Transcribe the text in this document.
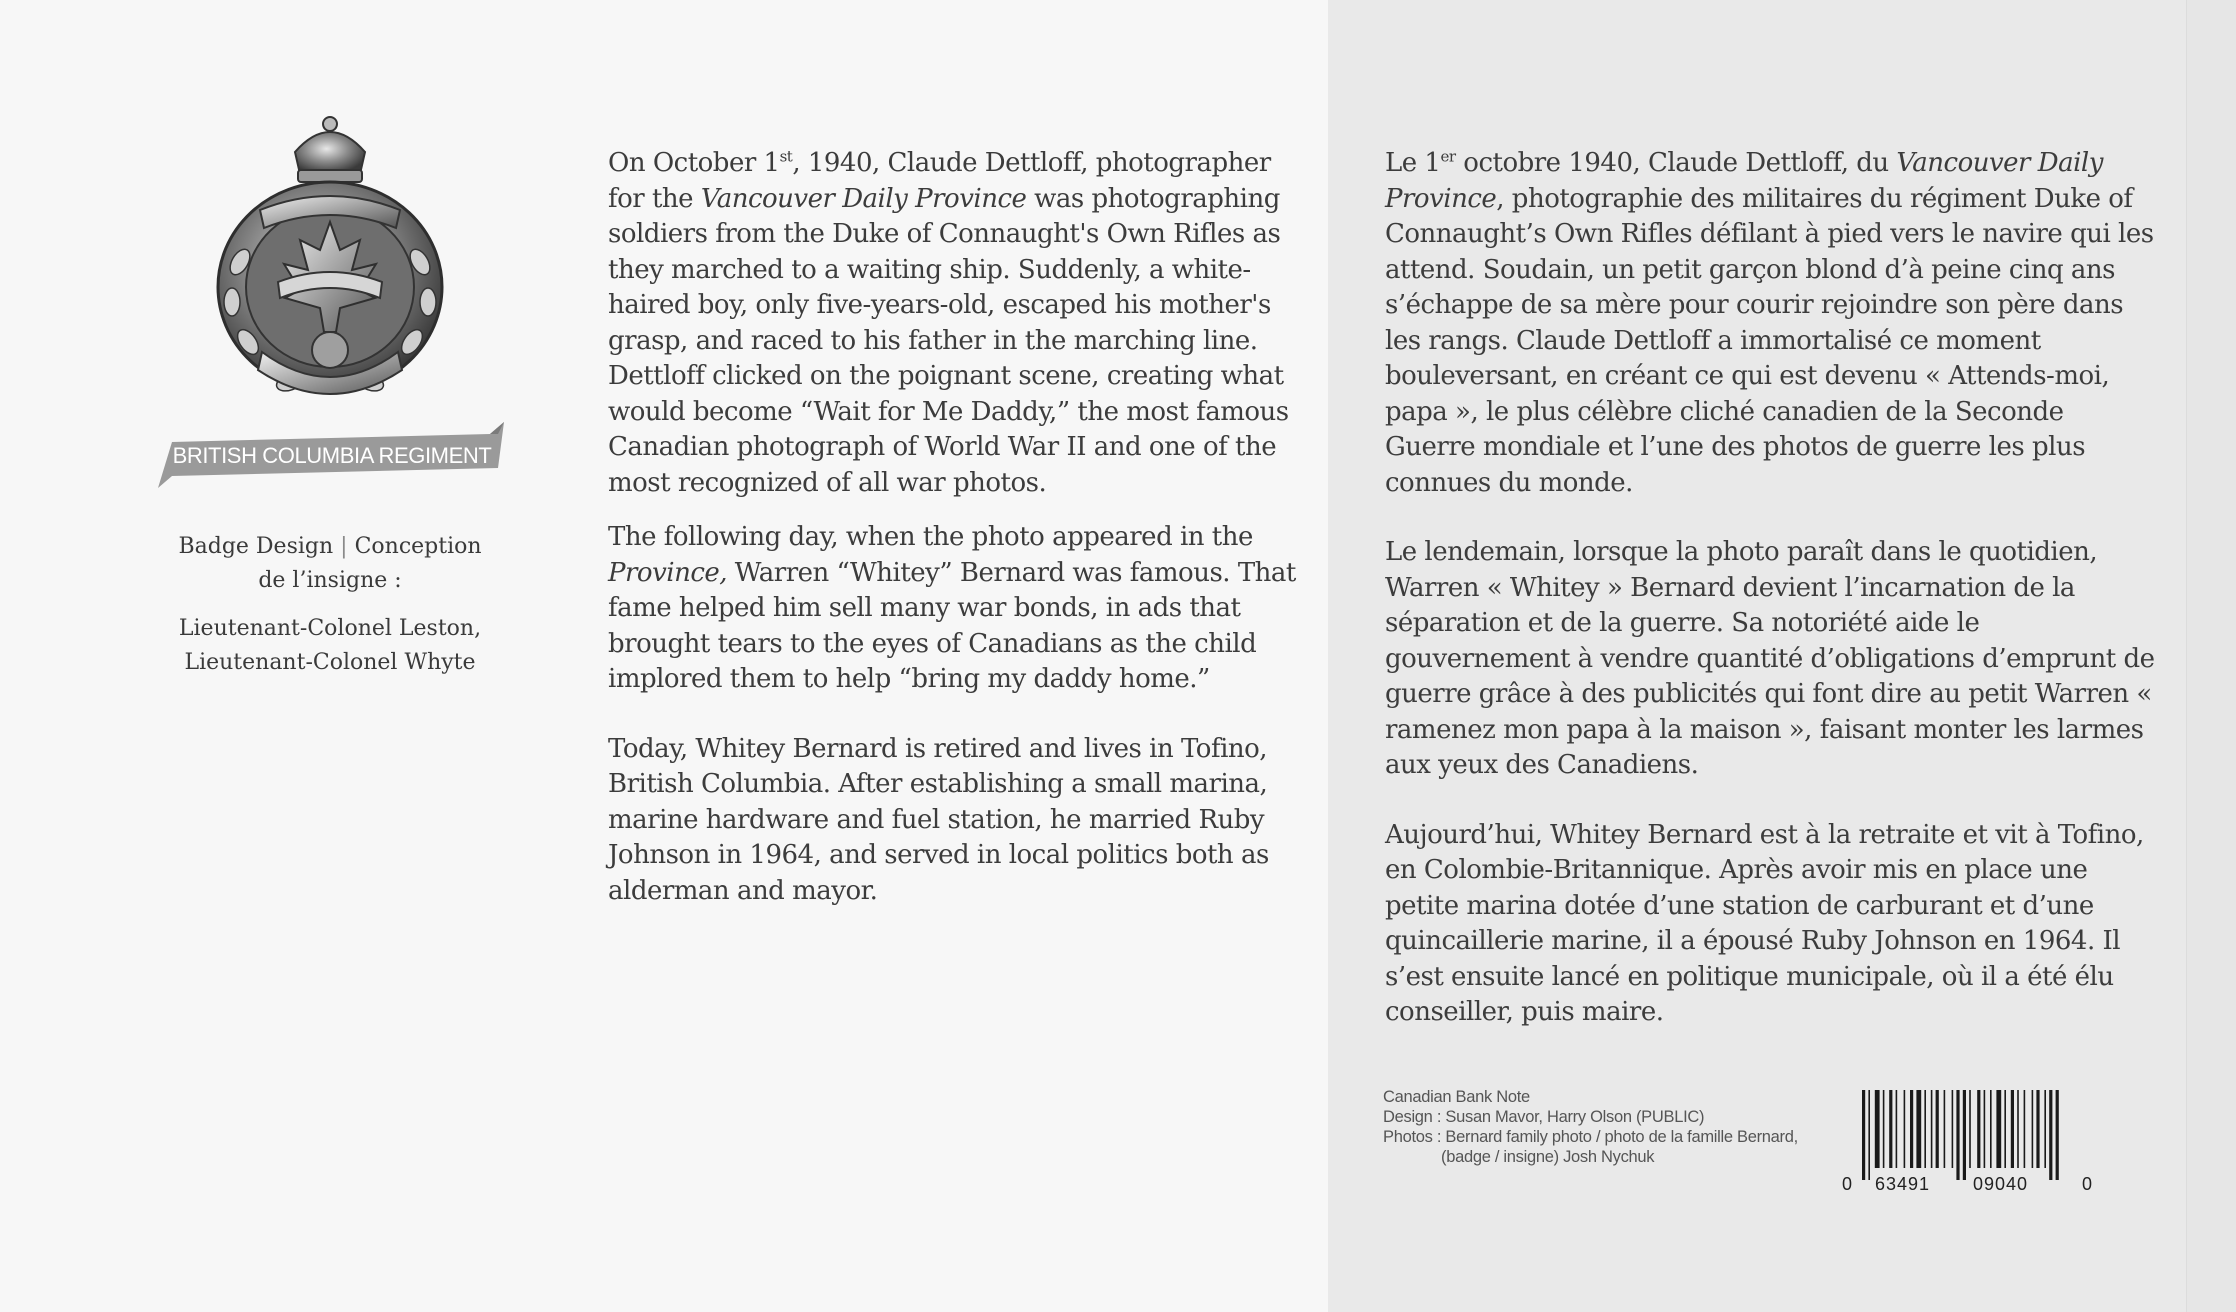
BRITISH COLUMBIA REGIMENT

Badge Design | Conception

de l’insigne :

Lieutenant-Colonel Leston,

Lieutenant-Colonel Whyte

On October 1st, 1940, Claude Dettloff, photographer for the Vancouver Daily Province was photographing soldiers from the Duke of Connaught's Own Rifles as they marched to a waiting ship. Suddenly, a white-haired boy, only five-years-old, escaped his mother's grasp, and raced to his father in the marching line. Dettloff clicked on the poignant scene, creating what would become “Wait for Me Daddy,” the most famous Canadian photograph of World War II and one of the most recognized of all war photos.

The following day, when the photo appeared in the Province, Warren “Whitey” Bernard was famous. That fame helped him sell many war bonds, in ads that brought tears to the eyes of Canadians as the child implored them to help “bring my daddy home.”

Today, Whitey Bernard is retired and lives in Tofino, British Columbia. After establishing a small marina, marine hardware and fuel station, he married Ruby Johnson in 1964, and served in local politics both as alderman and mayor.

Le 1er octobre 1940, Claude Dettloff, du Vancouver Daily Province, photographie des militaires du régiment Duke of Connaught’s Own Rifles défilant à pied vers le navire qui les attend. Soudain, un petit garçon blond d’à peine cinq ans s’échappe de sa mère pour courir rejoindre son père dans les rangs. Claude Dettloff a immortalisé ce moment bouleversant, en créant ce qui est devenu « Attends-moi, papa », le plus célèbre cliché canadien de la Seconde Guerre mondiale et l’une des photos de guerre les plus connues du monde.

Le lendemain, lorsque la photo paraît dans le quotidien, Warren « Whitey » Bernard devient l’incarnation de la séparation et de la guerre. Sa notoriété aide le gouvernement à vendre quantité d’obligations d’emprunt de guerre grâce à des publicités qui font dire au petit Warren « ramenez mon papa à la maison », faisant monter les larmes aux yeux des Canadiens.

Aujourd’hui, Whitey Bernard est à la retraite et vit à Tofino, en Colombie-Britannique. Après avoir mis en place une petite marina dotée d’une station de carburant et d’une quincaillerie marine, il a épousé Ruby Johnson en 1964. Il s’est ensuite lancé en politique municipale, où il a été élu conseiller, puis maire.

Canadian Bank Note
Design : Susan Mavor, Harry Olson (PUBLIC)
Photos : Bernard family photo / photo de la famille Bernard,
(badge / insigne) Josh Nychuk
0 63491 09040	0
